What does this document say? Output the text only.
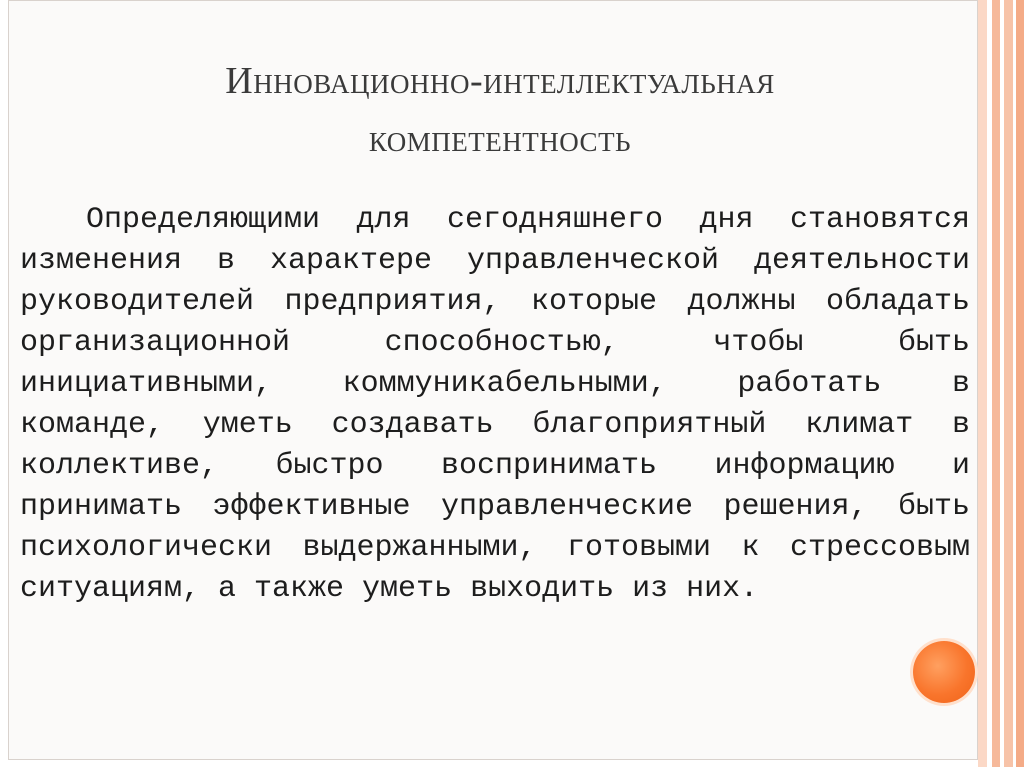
Инновационно-интеллектуальная
компетентность

Определяющими для сегодняшнего дня становятся изменения в характере управленческой деятельности руководителей предприятия, которые должны обладать организационной способностью, чтобы быть инициативными, коммуникабельными, работать в команде, уметь создавать благоприятный климат в коллективе, быстро воспринимать информацию и принимать эффективные управленческие решения, быть психологически выдержанными, готовыми к стрессовым ситуациям, а также уметь выходить из них.
